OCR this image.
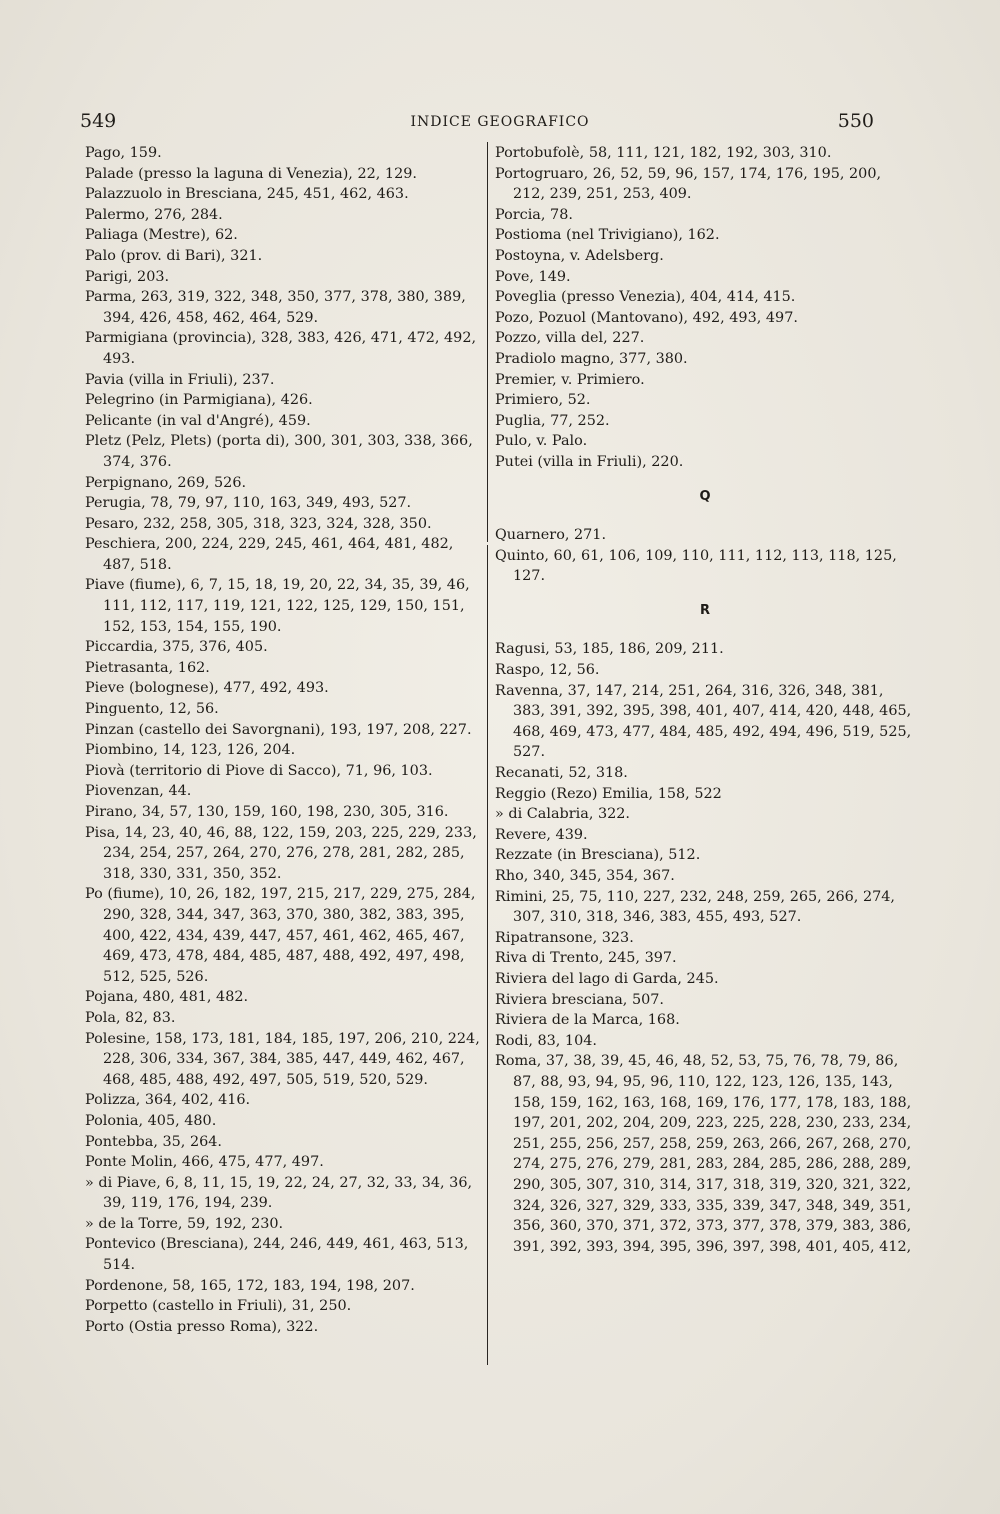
549	INDICE GEOGRAFICO	550

Pago, 159.

Palade (presso la laguna di Venezia), 22, 129.

Palazzuolo in Bresciana, 245, 451, 462, 463.

Palermo, 276, 284.

Paliaga (Mestre), 62.

Palo (prov. di Bari), 321.

Parigi, 203.

Parma, 263, 319, 322, 348, 350, 377, 378, 380, 389, 394, 426, 458, 462, 464, 529.

Parmigiana (provincia), 328, 383, 426, 471, 472, 492, 493.

Pavia (villa in Friuli), 237.

Pelegrino (in Parmigiana), 426.

Pelicante (in val d'Angré), 459.

Pletz (Pelz, Plets) (porta di), 300, 301, 303, 338, 366, 374, 376.

Perpignano, 269, 526.

Perugia, 78, 79, 97, 110, 163, 349, 493, 527.

Pesaro, 232, 258, 305, 318, 323, 324, 328, 350.

Peschiera, 200, 224, 229, 245, 461, 464, 481, 482, 487, 518.

Piave (fiume), 6, 7, 15, 18, 19, 20, 22, 34, 35, 39, 46, 111, 112, 117, 119, 121, 122, 125, 129, 150, 151, 152, 153, 154, 155, 190.

Piccardia, 375, 376, 405.

Pietrasanta, 162.

Pieve (bolognese), 477, 492, 493.

Pinguento, 12, 56.

Pinzan (castello dei Savorgnani), 193, 197, 208, 227.

Piombino, 14, 123, 126, 204.

Piovà (territorio di Piove di Sacco), 71, 96, 103.

Piovenzan, 44.

Pirano, 34, 57, 130, 159, 160, 198, 230, 305, 316.

Pisa, 14, 23, 40, 46, 88, 122, 159, 203, 225, 229, 233, 234, 254, 257, 264, 270, 276, 278, 281, 282, 285, 318, 330, 331, 350, 352.

Po (fiume), 10, 26, 182, 197, 215, 217, 229, 275, 284, 290, 328, 344, 347, 363, 370, 380, 382, 383, 395, 400, 422, 434, 439, 447, 457, 461, 462, 465, 467, 469, 473, 478, 484, 485, 487, 488, 492, 497, 498, 512, 525, 526.

Pojana, 480, 481, 482.

Pola, 82, 83.

Polesine, 158, 173, 181, 184, 185, 197, 206, 210, 224, 228, 306, 334, 367, 384, 385, 447, 449, 462, 467, 468, 485, 488, 492, 497, 505, 519, 520, 529.

Polizza, 364, 402, 416.

Polonia, 405, 480.

Pontebba, 35, 264.

Ponte Molin, 466, 475, 477, 497.

» di Piave, 6, 8, 11, 15, 19, 22, 24, 27, 32, 33, 34, 36, 39, 119, 176, 194, 239.

» de la Torre, 59, 192, 230.

Pontevico (Bresciana), 244, 246, 449, 461, 463, 513, 514.

Pordenone, 58, 165, 172, 183, 194, 198, 207.

Porpetto (castello in Friuli), 31, 250.

Porto (Ostia presso Roma), 322.

Portobufolè, 58, 111, 121, 182, 192, 303, 310.

Portogruaro, 26, 52, 59, 96, 157, 174, 176, 195, 200, 212, 239, 251, 253, 409.

Porcia, 78.

Postioma (nel Trivigiano), 162.

Postoyna, v. Adelsberg.

Pove, 149.

Poveglia (presso Venezia), 404, 414, 415.

Pozo, Pozuol (Mantovano), 492, 493, 497.

Pozzo, villa del, 227.

Pradiolo magno, 377, 380.

Premier, v. Primiero.

Primiero, 52.

Puglia, 77, 252.

Pulo, v. Palo.

Putei (villa in Friuli), 220.

Q

Quarnero, 271.

Quinto, 60, 61, 106, 109, 110, 111, 112, 113, 118, 125, 127.

R

Ragusi, 53, 185, 186, 209, 211.

Raspo, 12, 56.

Ravenna, 37, 147, 214, 251, 264, 316, 326, 348, 381, 383, 391, 392, 395, 398, 401, 407, 414, 420, 448, 465, 468, 469, 473, 477, 484, 485, 492, 494, 496, 519, 525, 527.

Recanati, 52, 318.

Reggio (Rezo) Emilia, 158, 522

» di Calabria, 322.

Revere, 439.

Rezzate (in Bresciana), 512.

Rho, 340, 345, 354, 367.

Rimini, 25, 75, 110, 227, 232, 248, 259, 265, 266, 274, 307, 310, 318, 346, 383, 455, 493, 527.

Ripatransone, 323.

Riva di Trento, 245, 397.

Riviera del lago di Garda, 245.

Riviera bresciana, 507.

Riviera de la Marca, 168.

Rodi, 83, 104.

Roma, 37, 38, 39, 45, 46, 48, 52, 53, 75, 76, 78, 79, 86, 87, 88, 93, 94, 95, 96, 110, 122, 123, 126, 135, 143, 158, 159, 162, 163, 168, 169, 176, 177, 178, 183, 188, 197, 201, 202, 204, 209, 223, 225, 228, 230, 233, 234, 251, 255, 256, 257, 258, 259, 263, 266, 267, 268, 270, 274, 275, 276, 279, 281, 283, 284, 285, 286, 288, 289, 290, 305, 307, 310, 314, 317, 318, 319, 320, 321, 322, 324, 326, 327, 329, 333, 335, 339, 347, 348, 349, 351, 356, 360, 370, 371, 372, 373, 377, 378, 379, 383, 386, 391, 392, 393, 394, 395, 396, 397, 398, 401, 405, 412,
